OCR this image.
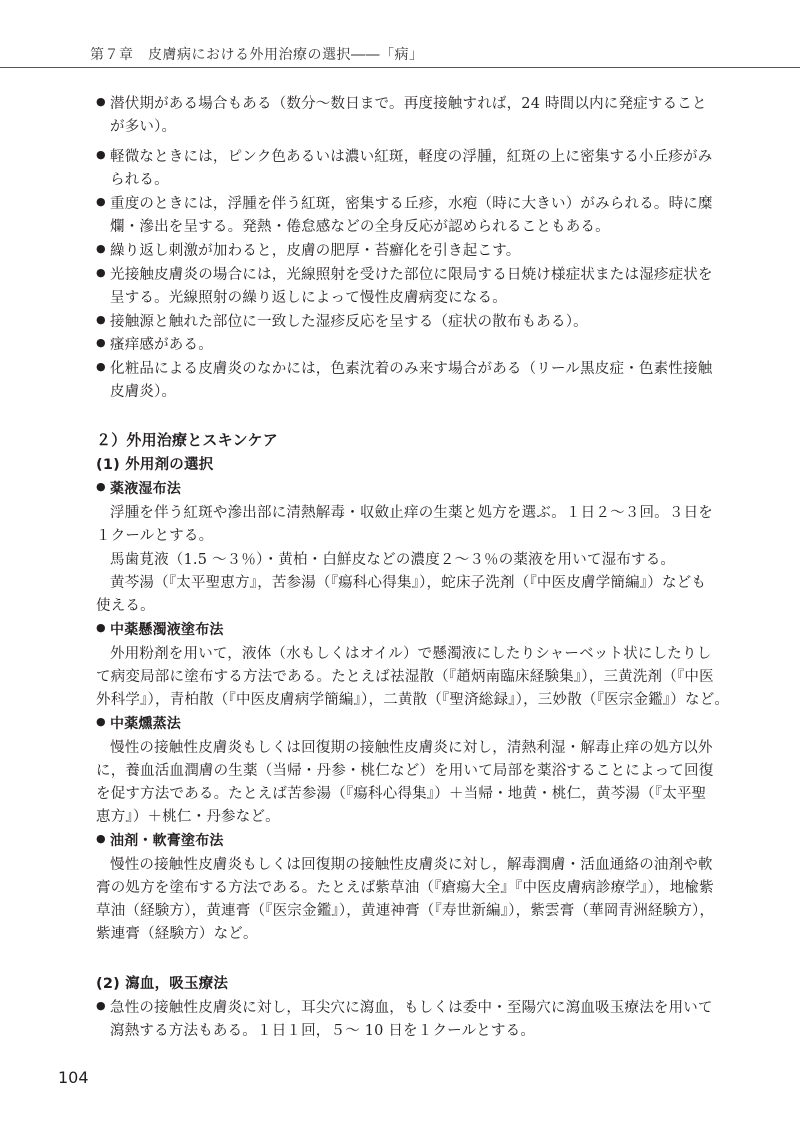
第７章　皮膚病における外用治療の選択――「病」
● 潜伏期がある場合もある（数分～数日まで。再度接触すれば，24 時間以内に発症すること
が多い）。
● 軽微なときには，ピンク色あるいは濃い紅斑，軽度の浮腫，紅斑の上に密集する小丘疹がみ
られる。
● 重度のときには，浮腫を伴う紅斑，密集する丘疹，水疱（時に大きい）がみられる。時に糜
爛・滲出を呈する。発熱・倦怠感などの全身反応が認められることもある。
● 繰り返し刺激が加わると，皮膚の肥厚・苔癬化を引き起こす。
● 光接触皮膚炎の場合には，光線照射を受けた部位に限局する日焼け様症状または湿疹症状を
呈する。光線照射の繰り返しによって慢性皮膚病変になる。
● 接触源と触れた部位に一致した湿疹反応を呈する（症状の散布もある）。
● 瘙痒感がある。
● 化粧品による皮膚炎のなかには，色素沈着のみ来す場合がある（リール黒皮症・色素性接触
皮膚炎）。
２）外用治療とスキンケア
(1) 外用剤の選択
● 薬液湿布法
浮腫を伴う紅斑や滲出部に清熱解毒・収斂止痒の生薬と処方を選ぶ。１日２～３回。３日を
１クールとする。
馬歯莧液（1.5 ～３％）・黄柏・白鮮皮などの濃度２～３％の薬液を用いて湿布する。
黄芩湯（『太平聖恵方』，苦参湯（『瘍科心得集』），蛇床子洗剤（『中医皮膚学簡編』）なども
使える。
● 中薬懸濁液塗布法
外用粉剤を用いて，液体（水もしくはオイル）で懸濁液にしたりシャーベット状にしたりし
て病変局部に塗布する方法である。たとえば祛湿散（『趙炳南臨床経験集』），三黄洗剤（『中医
外科学』），青柏散（『中医皮膚病学簡編』），二黄散（『聖済総録』），三妙散（『医宗金鑑』）など。
● 中薬燻蒸法
慢性の接触性皮膚炎もしくは回復期の接触性皮膚炎に対し，清熱利湿・解毒止痒の処方以外
に，養血活血潤膚の生薬（当帰・丹参・桃仁など）を用いて局部を薬浴することによって回復
を促す方法である。たとえば苦参湯（『瘍科心得集』）＋当帰・地黄・桃仁，黄芩湯（『太平聖
恵方』）＋桃仁・丹参など。
● 油剤・軟膏塗布法
慢性の接触性皮膚炎もしくは回復期の接触性皮膚炎に対し，解毒潤膚・活血通絡の油剤や軟
膏の処方を塗布する方法である。たとえば紫草油（『瘡瘍大全』『中医皮膚病診療学』），地楡紫
草油（経験方），黄連膏（『医宗金鑑』），黄連神膏（『寿世新編』），紫雲膏（華岡青洲経験方），
紫連膏（経験方）など。
(2) 瀉血，吸玉療法
● 急性の接触性皮膚炎に対し，耳尖穴に瀉血，もしくは委中・至陽穴に瀉血吸玉療法を用いて
瀉熱する方法もある。１日１回，５～ 10 日を１クールとする。
104
